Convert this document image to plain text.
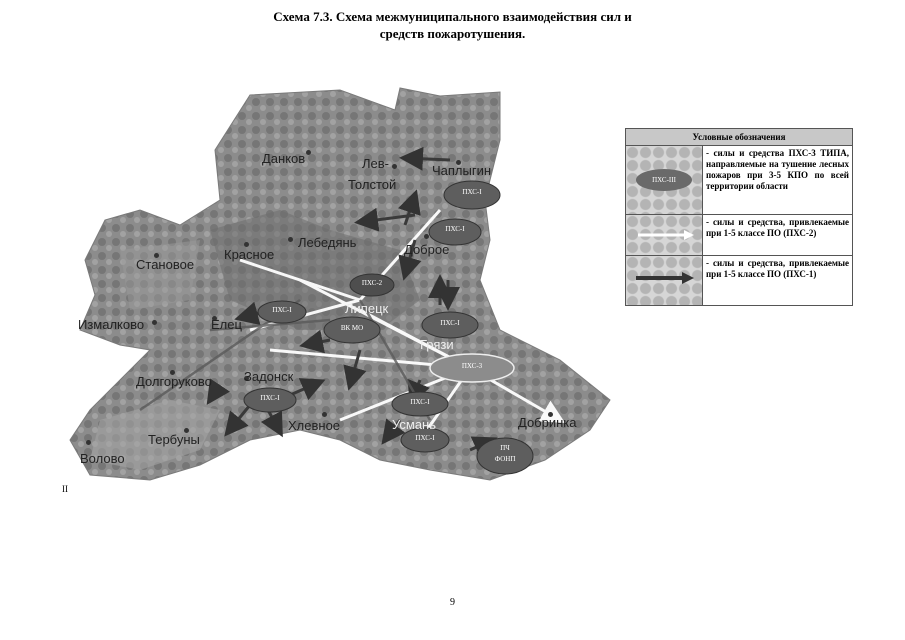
Схема 7.3. Схема межмуниципального взаимодействия сил и
средств пожаротушения.
Данков	Лев-
Толстой
Чаплыгин
Лебедянь	Доброе
Становое
Красное
Липецк
Измалково	Елец
Грязи
Долгоруково Задонск
Тербуны
Хлевное	Усмань	Добринка
Волово
ПХС-I
ПХС-I
ПХС-2
ПХС-I
ВК МО
ПХС-I
ПХС-3
ПХС-I	ПХС-I
ПХС-I
ПЧ
ФОНП
Условные обозначения
ПХС-III
- силы и средства ПХС-3 ТИПА, направляемые на тушение лесных пожаров при 3-5 КПО по всей территории области
- силы и средства, привлекаемые при 1-5 классе ПО (ПХС-2)
- силы и средства, привлекаемые при 1-5 классе ПО (ПХС-1)
II
9
